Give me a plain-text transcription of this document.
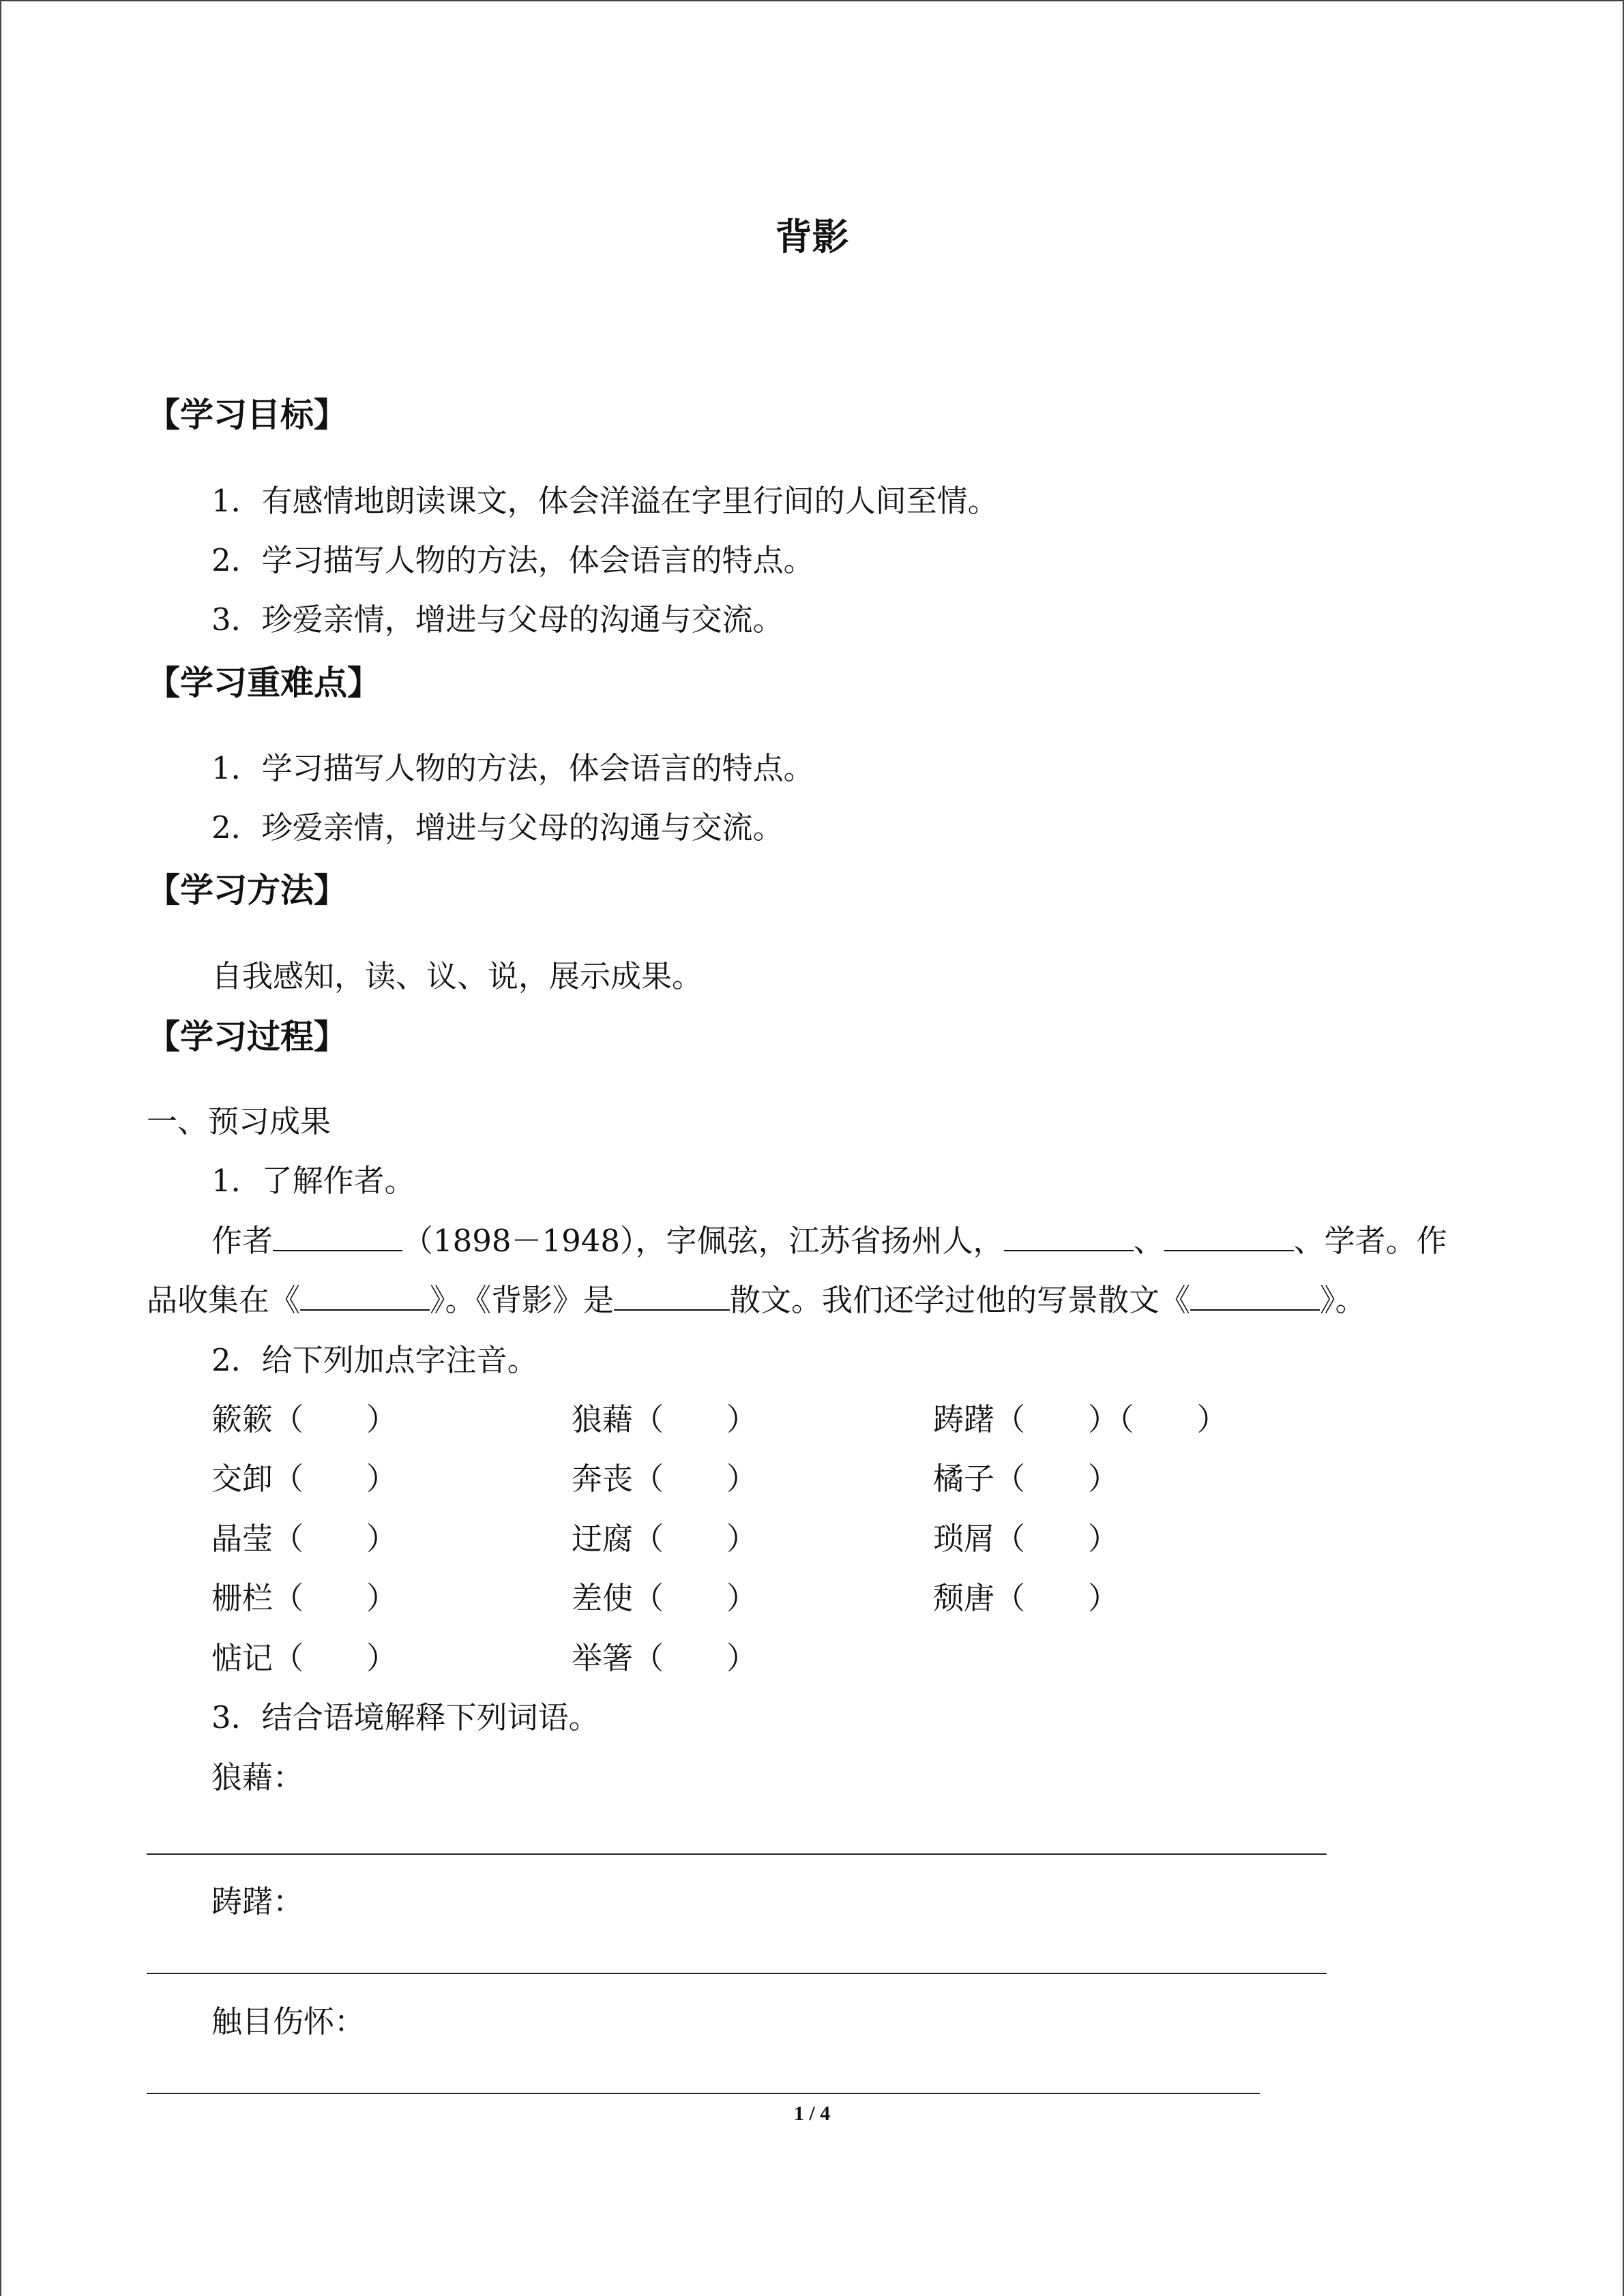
背影
【学习目标】
1．有感情地朗读课文，体会洋溢在字里行间的人间至情。
2．学习描写人物的方法，体会语言的特点。
3．珍爱亲情，增进与父母的沟通与交流。
【学习重难点】
1．学习描写人物的方法，体会语言的特点。
2．珍爱亲情，增进与父母的沟通与交流。
【学习方法】
自我感知，读、议、说，展示成果。
【学习过程】
一、预习成果
1．了解作者。
作者	（1898－1948），字佩弦，江苏省扬州人，	、	、学者。作
品收集在《	》。《背影》是	散文。我们还学过他的写景散文《	》。
2．给下列加点字注音。
簌簌（ ）	狼藉（ ）	踌躇（ ）（ ）
交卸（ ）	奔丧（ ）	橘子（ ）
晶莹（ ）	迂腐（ ）	琐屑（ ）
栅栏（ ）	差使（ ）	颓唐（ ）
惦记（ ）	举箸（ ）
3．结合语境解释下列词语。
狼藉：
踌躇：
触目伤怀：
1 / 4
